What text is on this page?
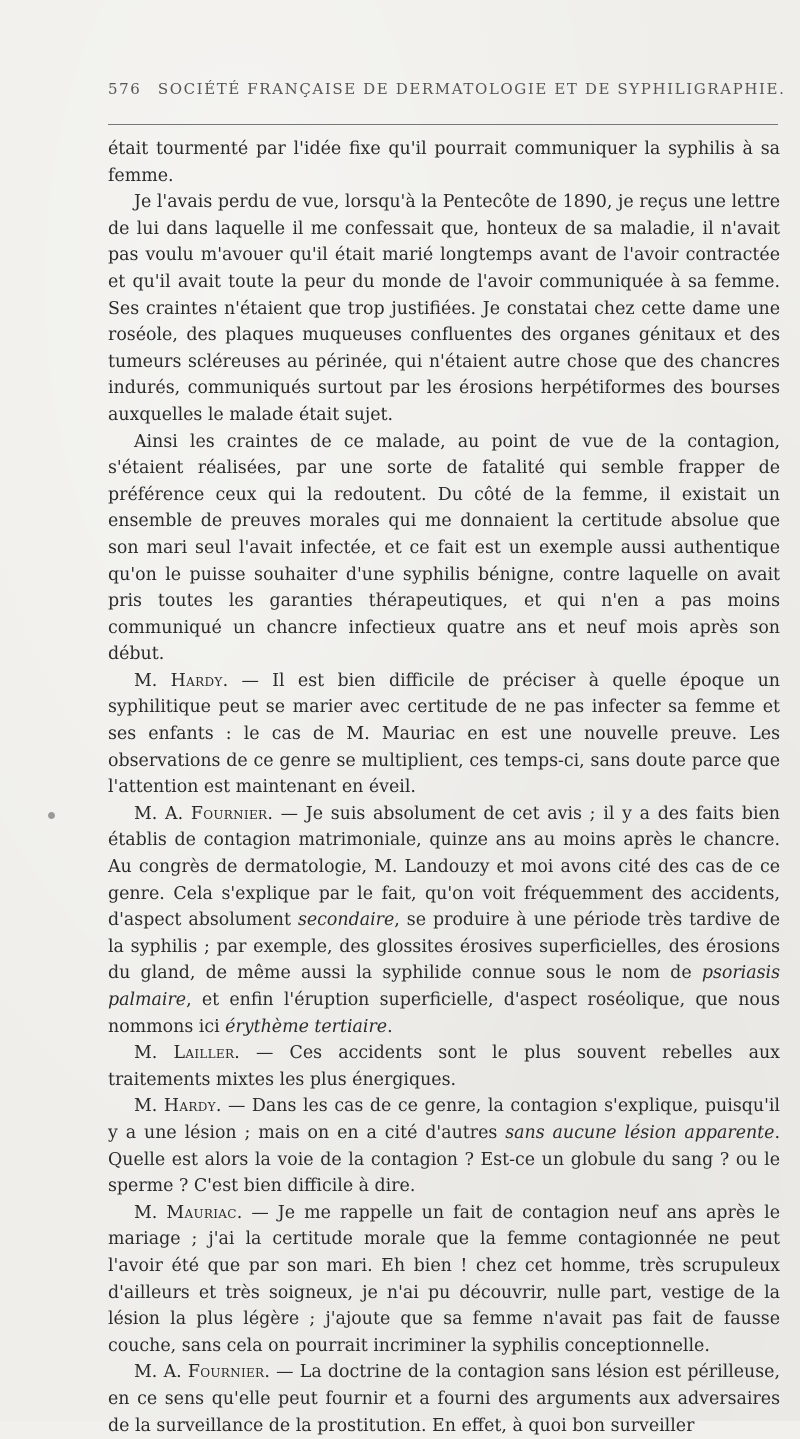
576 SOCIÉTÉ FRANÇAISE DE DERMATOLOGIE ET DE SYPHILIGRAPHIE.

était tourmenté par l'idée fixe qu'il pourrait communiquer la syphilis à sa femme.

Je l'avais perdu de vue, lorsqu'à la Pentecôte de 1890, je reçus une lettre de lui dans laquelle il me confessait que, honteux de sa maladie, il n'avait pas voulu m'avouer qu'il était marié longtemps avant de l'avoir contractée et qu'il avait toute la peur du monde de l'avoir communiquée à sa femme. Ses craintes n'étaient que trop justifiées. Je constatai chez cette dame une roséole, des plaques muqueuses confluentes des organes génitaux et des tumeurs scléreuses au périnée, qui n'étaient autre chose que des chancres indurés, communiqués surtout par les érosions herpétiformes des bourses auxquelles le malade était sujet.

Ainsi les craintes de ce malade, au point de vue de la contagion, s'étaient réalisées, par une sorte de fatalité qui semble frapper de préférence ceux qui la redoutent. Du côté de la femme, il existait un ensemble de preuves morales qui me donnaient la certitude absolue que son mari seul l'avait infectée, et ce fait est un exemple aussi authentique qu'on le puisse souhaiter d'une syphilis bénigne, contre laquelle on avait pris toutes les garanties thérapeutiques, et qui n'en a pas moins communiqué un chancre infectieux quatre ans et neuf mois après son début.

M. Hardy. — Il est bien difficile de préciser à quelle époque un syphilitique peut se marier avec certitude de ne pas infecter sa femme et ses enfants : le cas de M. Mauriac en est une nouvelle preuve. Les observations de ce genre se multiplient, ces temps-ci, sans doute parce que l'attention est maintenant en éveil.

M. A. Fournier. — Je suis absolument de cet avis ; il y a des faits bien établis de contagion matrimoniale, quinze ans au moins après le chancre. Au congrès de dermatologie, M. Landouzy et moi avons cité des cas de ce genre. Cela s'explique par le fait, qu'on voit fréquemment des accidents, d'aspect absolument secondaire, se produire à une période très tardive de la syphilis ; par exemple, des glossites érosives superficielles, des érosions du gland, de même aussi la syphilide connue sous le nom de psoriasis palmaire, et enfin l'éruption superficielle, d'aspect roséolique, que nous nommons ici érythème tertiaire.

M. Lailler. — Ces accidents sont le plus souvent rebelles aux traitements mixtes les plus énergiques.

M. Hardy. — Dans les cas de ce genre, la contagion s'explique, puisqu'il y a une lésion ; mais on en a cité d'autres sans aucune lésion apparente. Quelle est alors la voie de la contagion ? Est-ce un globule du sang ? ou le sperme ? C'est bien difficile à dire.

M. Mauriac. — Je me rappelle un fait de contagion neuf ans après le mariage ; j'ai la certitude morale que la femme contagionnée ne peut l'avoir été que par son mari. Eh bien ! chez cet homme, très scrupuleux d'ailleurs et très soigneux, je n'ai pu découvrir, nulle part, vestige de la lésion la plus légère ; j'ajoute que sa femme n'avait pas fait de fausse couche, sans cela on pourrait incriminer la syphilis conceptionnelle.

M. A. Fournier. — La doctrine de la contagion sans lésion est périlleuse, en ce sens qu'elle peut fournir et a fourni des arguments aux adversaires de la surveillance de la prostitution. En effet, à quoi bon surveiller
